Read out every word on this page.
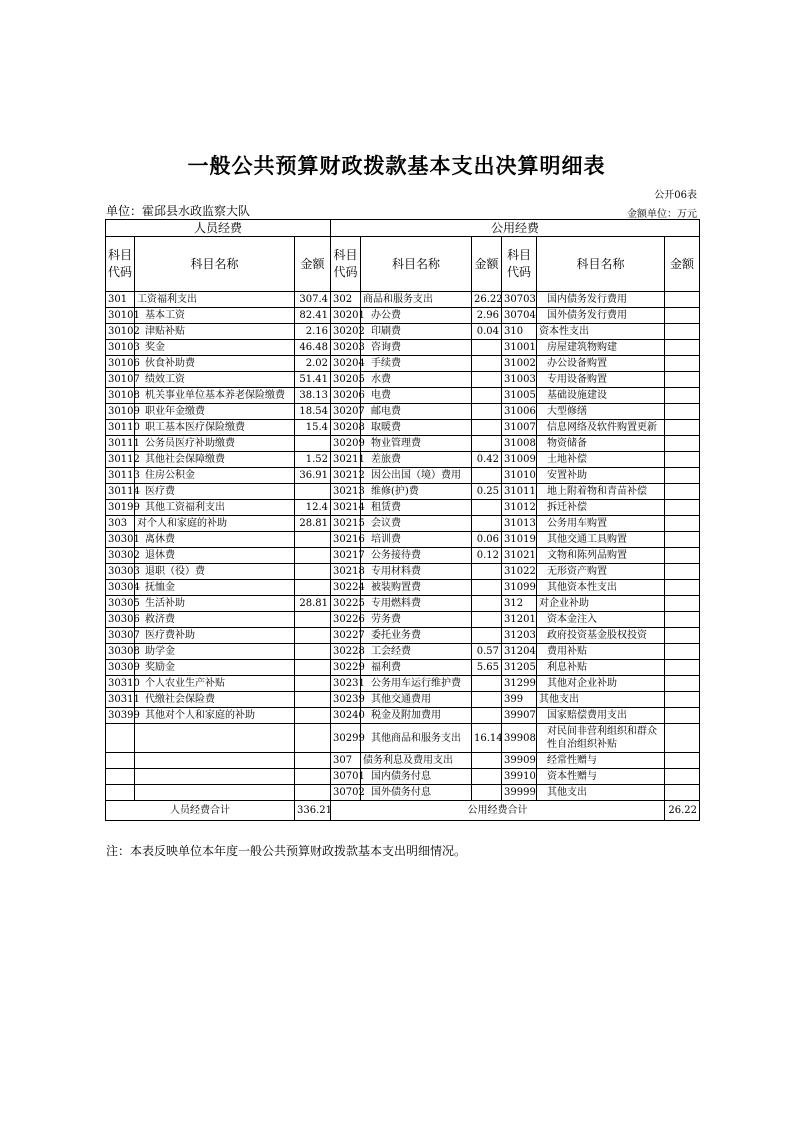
一般公共预算财政拨款基本支出决算明细表
公开06表
单位：霍邱县水政监察大队	金额单位：万元
人员经费			公用经费					
科目代码	科目名称	金额	科目代码	科目名称	金额	科目代码	科目名称	金额
301	工资福利支出	307.4	302	商品和服务支出	26.22	30703	国内债务发行费用	
30101	基本工资	82.41	30201	办公费	2.96	30704	国外债务发行费用	
30102	津贴补贴	2.16	30202	印刷费	0.04	310	资本性支出	
30103	奖金	46.48	30203	咨询费		31001	房屋建筑物购建	
30106	伙食补助费	2.02	30204	手续费		31002	办公设备购置	
30107	绩效工资	51.41	30205	水费		31003	专用设备购置	
30108	机关事业单位基本养老保险缴费	38.13	30206	电费		31005	基础设施建设	
30109	职业年金缴费	18.54	30207	邮电费		31006	大型修缮	
30110	职工基本医疗保险缴费	15.4	30208	取暖费		31007	信息网络及软件购置更新	
30111	公务员医疗补助缴费		30209	物业管理费		31008	物资储备	
30112	其他社会保障缴费	1.52	30211	差旅费	0.42	31009	土地补偿	
30113	住房公积金	36.91	30212	因公出国（境）费用		31010	安置补助	
30114	医疗费		30213	维修(护)费	0.25	31011	地上附着物和青苗补偿	
30199	其他工资福利支出	12.4	30214	租赁费		31012	拆迁补偿	
303	对个人和家庭的补助	28.81	30215	会议费		31013	公务用车购置	
30301	离休费		30216	培训费	0.06	31019	其他交通工具购置	
30302	退休费		30217	公务接待费	0.12	31021	文物和陈列品购置	
30303	退职（役）费		30218	专用材料费		31022	无形资产购置	
30304	抚恤金		30224	被装购置费		31099	其他资本性支出	
30305	生活补助	28.81	30225	专用燃料费		312	对企业补助	
30306	救济费		30226	劳务费		31201	资本金注入	
30307	医疗费补助		30227	委托业务费		31203	政府投资基金股权投资	
30308	助学金		30228	工会经费	0.57	31204	费用补贴	
30309	奖励金		30229	福利费	5.65	31205	利息补贴	
30310	个人农业生产补贴		30231	公务用车运行维护费		31299	其他对企业补助	
30311	代缴社会保险费		30239	其他交通费用		399	其他支出	
30399	其他对个人和家庭的补助		30240	税金及附加费用		39907	国家赔偿费用支出	
			30299	其他商品和服务支出	16.14	39908	对民间非营利组织和群众性自治组织补贴	
			307	债务利息及费用支出		39909	经常性赠与	
			30701	国内债务付息		39910	资本性赠与	
			30702	国外债务付息		39999	其他支出	
人员经费合计		336.21	公用经费合计					26.22
注：本表反映单位本年度一般公共预算财政拨款基本支出明细情况。
